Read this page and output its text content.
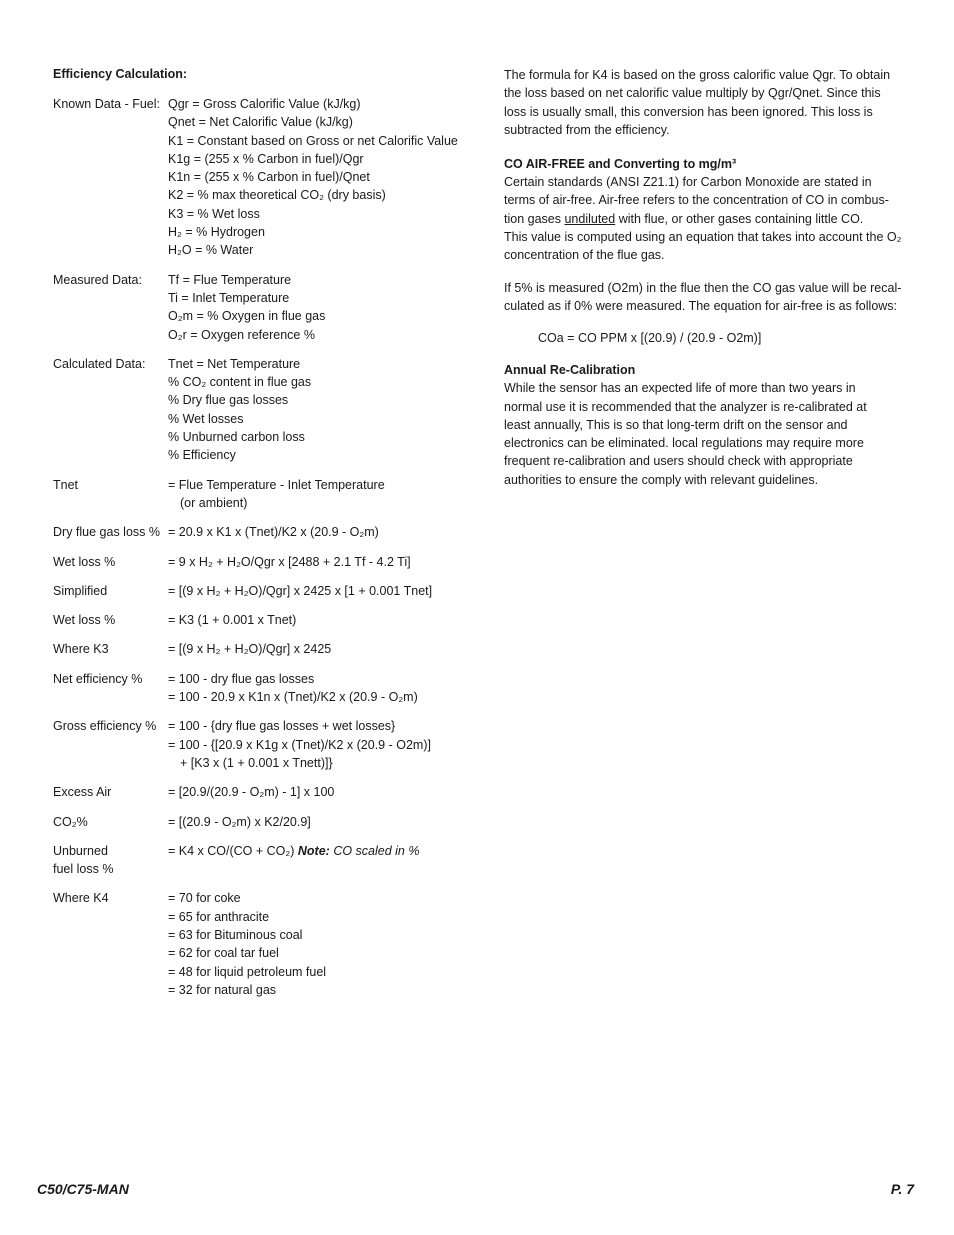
Efficiency Calculation:
Known Data - Fuel: Qgr = Gross Calorific Value (kJ/kg)
Qnet = Net Calorific Value (kJ/kg)
K1 = Constant based on Gross or net Calorific Value
K1g = (255 x % Carbon in fuel)/Qgr
K1n = (255 x % Carbon in fuel)/Qnet
K2 = % max theoretical CO₂ (dry basis)
K3 = % Wet loss
H₂ = % Hydrogen
H₂O = % Water
Measured Data:	Tf = Flue Temperature
Ti = Inlet Temperature
O₂m = % Oxygen in flue gas
O₂r = Oxygen reference %
Calculated Data:	Tnet = Net Temperature
% CO₂ content in flue gas
% Dry flue gas losses
% Wet losses
% Unburned carbon loss
% Efficiency
Tnet	= Flue Temperature - Inlet Temperature
(or ambient)
Dry flue gas loss % = 20.9 x K1 x (Tnet)/K2 x (20.9 - O₂m)
Wet loss %	= 9 x H₂ + H₂O/Qgr x [2488 + 2.1 Tf - 4.2 Ti]
Simplified	= [(9 x H₂ + H₂O)/Qgr] x 2425 x [1 + 0.001 Tnet]
Wet loss %	= K3 (1 + 0.001 x Tnet)
Where K3	= [(9 x H₂ + H₂O)/Qgr] x 2425
Net efficiency %	= 100 - dry flue gas losses
= 100 - 20.9 x K1n x (Tnet)/K2 x (20.9 - O₂m)
Gross efficiency % = 100 - {dry flue gas losses + wet losses}
= 100 - {[20.9 x K1g x (Tnet)/K2 x (20.9 - O2m)]
+ [K3 x (1 + 0.001 x Tnett)]}
Excess Air	= [20.9/(20.9 - O₂m) - 1] x 100
CO₂%	= [(20.9 - O₂m) x K2/20.9]
Unburned
fuel loss %
= K4 x CO/(CO + CO₂) Note: CO scaled in %
Where K4	= 70 for coke
= 65 for anthracite
= 63 for Bituminous coal
= 62 for coal tar fuel
= 48 for liquid petroleum fuel
= 32 for natural gas

The formula for K4 is based on the gross calorific value Qgr. To obtain
the loss based on net calorific value multiply by Qgr/Qnet. Since this
loss is usually small, this conversion has been ignored. This loss is
subtracted from the efficiency.

CO AIR-FREE and Converting to mg/m³

Certain standards (ANSI Z21.1) for Carbon Monoxide are stated in
terms of air-free. Air-free refers to the concentration of CO in combus-
tion gases undiluted with flue, or other gases containing little CO.
This value is computed using an equation that takes into account the O₂
concentration of the flue gas.

If 5% is measured (O2m) in the flue then the CO gas value will be recal-
culated as if 0% were measured. The equation for air-free is as follows:

COa = CO PPM x [(20.9) / (20.9 - O2m)]
Annual Re-Calibration

While the sensor has an expected life of more than two years in
normal use it is recommended that the analyzer is re-calibrated at
least annually, This is so that long-term drift on the sensor and
electronics can be eliminated. local regulations may require more
frequent re-calibration and users should check with appropriate
authorities to ensure the comply with relevant guidelines.

C50/C75-MAN	P. 7
